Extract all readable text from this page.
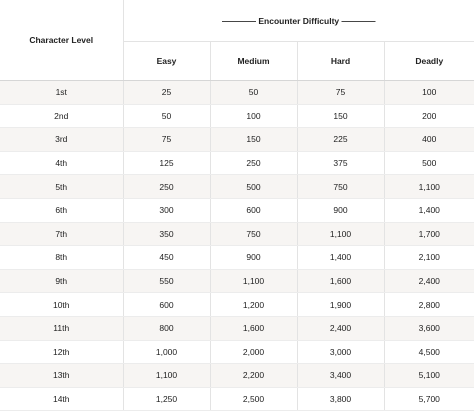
Character Level	———— Encounter Difficulty ————			
	Easy	Medium	Hard	Deadly
1st	25	50	75	100
2nd	50	100	150	200
3rd	75	150	225	400
4th	125	250	375	500
5th	250	500	750	1,100
6th	300	600	900	1,400
7th	350	750	1,100	1,700
8th	450	900	1,400	2,100
9th	550	1,100	1,600	2,400
10th	600	1,200	1,900	2,800
11th	800	1,600	2,400	3,600
12th	1,000	2,000	3,000	4,500
13th	1,100	2,200	3,400	5,100
14th	1,250	2,500	3,800	5,700
